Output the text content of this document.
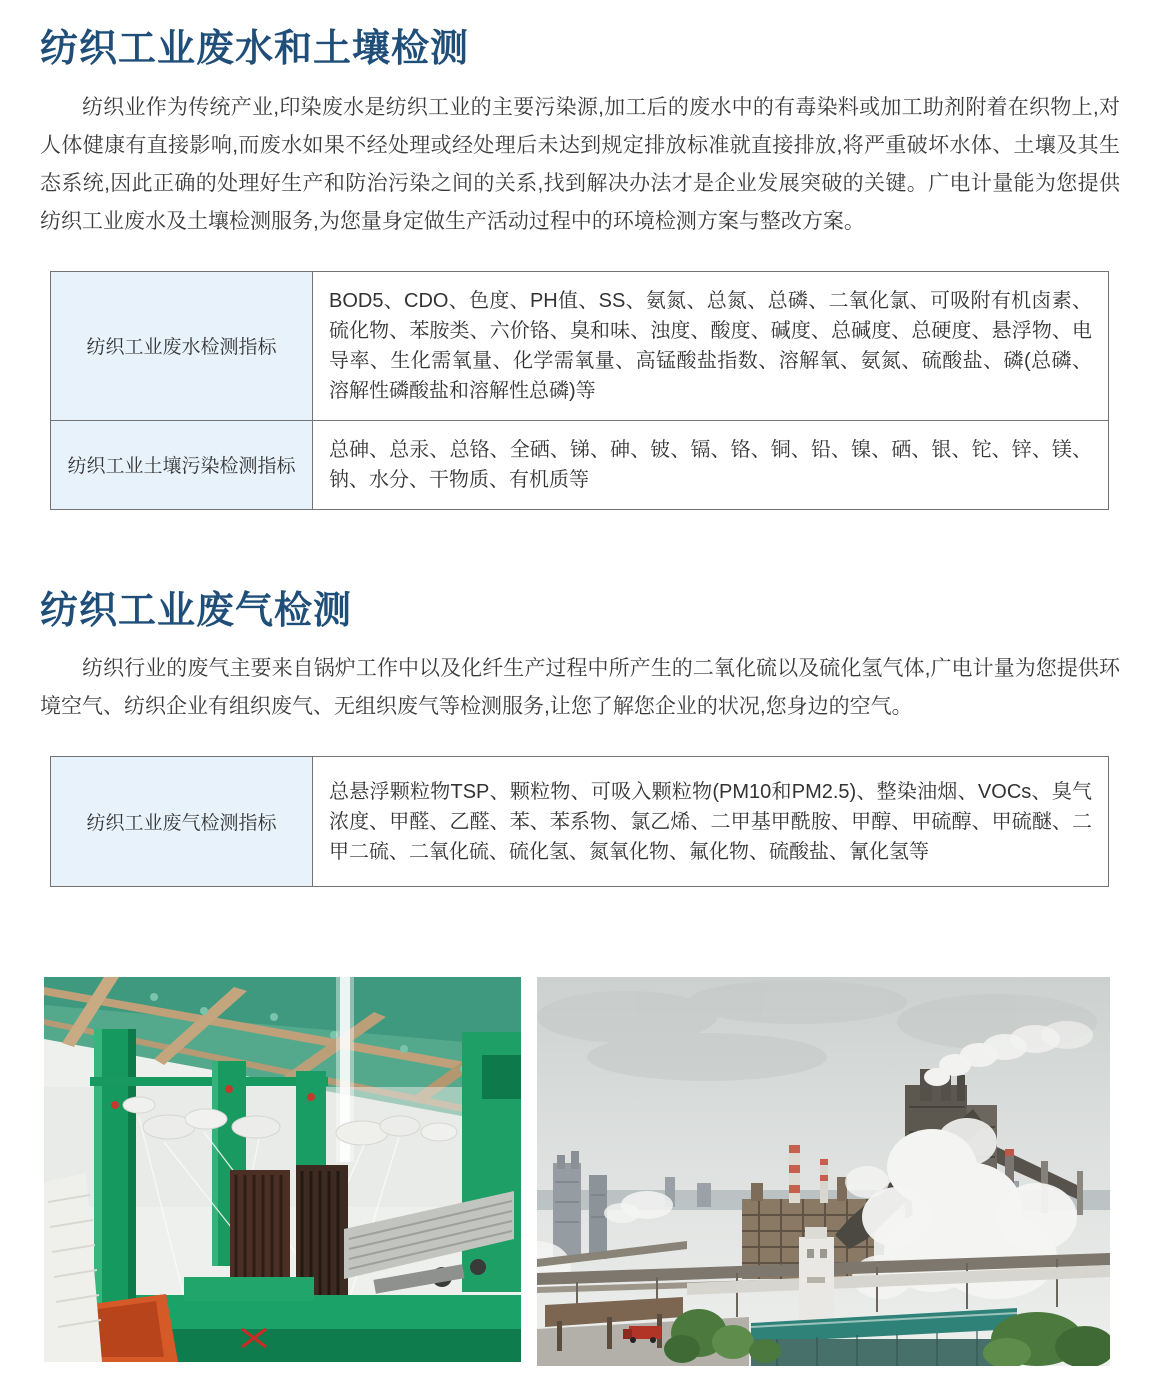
纺织工业废水和土壤检测

纺织业作为传统产业,印染废水是纺织工业的主要污染源,加工后的废水中的有毒染料或加工助剂附着在织物上,对人体健康有直接影响,而废水如果不经处理或经处理后未达到规定排放标准就直接排放,将严重破坏水体、土壤及其生态系统,因此正确的处理好生产和防治污染之间的关系,找到解决办法才是企业发展突破的关键。广电计量能为您提供纺织工业废水及土壤检测服务,为您量身定做生产活动过程中的环境检测方案与整改方案。

纺织工业废水检测指标	BOD5、CDO、色度、PH值、SS、氨氮、总氮、总磷、二氧化氯、可吸附有机卤素、硫化物、苯胺类、六价铬、臭和味、浊度、酸度、碱度、总碱度、总硬度、悬浮物、电导率、生化需氧量、化学需氧量、高锰酸盐指数、溶解氧、氨氮、硫酸盐、磷(总磷、溶解性磷酸盐和溶解性总磷)等
纺织工业土壤污染检测指标	总砷、总汞、总铬、全硒、锑、砷、铍、镉、铬、铜、铅、镍、硒、银、铊、锌、镁、钠、水分、干物质、有机质等
纺织工业废气检测

纺织行业的废气主要来自锅炉工作中以及化纤生产过程中所产生的二氧化硫以及硫化氢气体,广电计量为您提供环境空气、纺织企业有组织废气、无组织废气等检测服务,让您了解您企业的状况,您身边的空气。

纺织工业废气检测指标	总悬浮颗粒物TSP、颗粒物、可吸入颗粒物(PM10和PM2.5)、整染油烟、VOCs、臭气浓度、甲醛、乙醛、苯、苯系物、氯乙烯、二甲基甲酰胺、甲醇、甲硫醇、甲硫醚、二甲二硫、二氧化硫、硫化氢、氮氧化物、氟化物、硫酸盐、氰化氢等
